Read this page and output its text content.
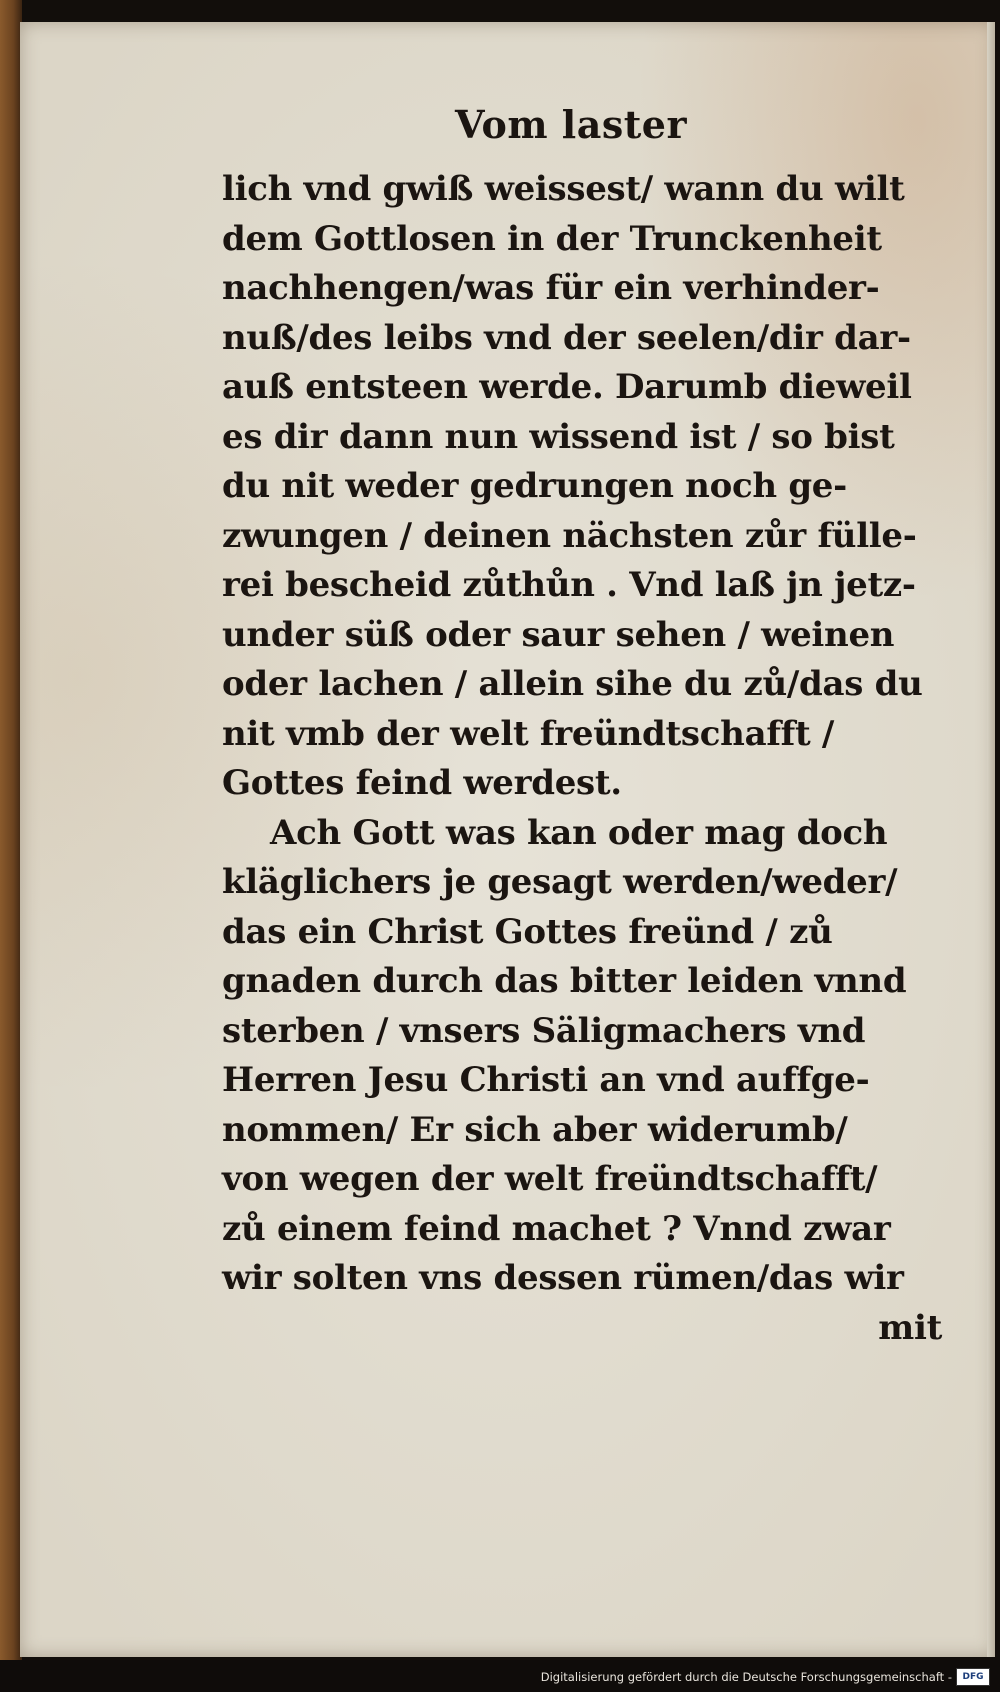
Vom laster
lich vnd gwiß weissest/ wann du wilt
dem Gottlosen in der Trunckenheit
nachhengen/was für ein verhinder-
nuß/des leibs vnd der seelen/dir dar-
auß entsteen werde. Darumb dieweil
es dir dann nun wissend ist / so bist
du nit weder gedrungen noch ge-
zwungen / deinen nächsten zůr fülle-
rei bescheid zůthůn . Vnd laß jn jetz-
under süß oder saur sehen / weinen
oder lachen / allein sihe du zů/das du
nit vmb der welt freündtschafft /
Gottes feind werdest.
Ach Gott was kan oder mag doch
kläglichers je gesagt werden/weder/
das ein Christ Gottes freünd / zů
gnaden durch das bitter leiden vnnd
sterben / vnsers Säligmachers vnd
Herren Jesu Christi an vnd auffge-
nommen/ Er sich aber widerumb/
von wegen der welt freündtschafft/
zů einem feind machet ? Vnnd zwar
wir solten vns dessen rümen/das wir
mit
Digitalisierung gefördert durch die Deutsche Forschungsgemeinschaft -	DFG
